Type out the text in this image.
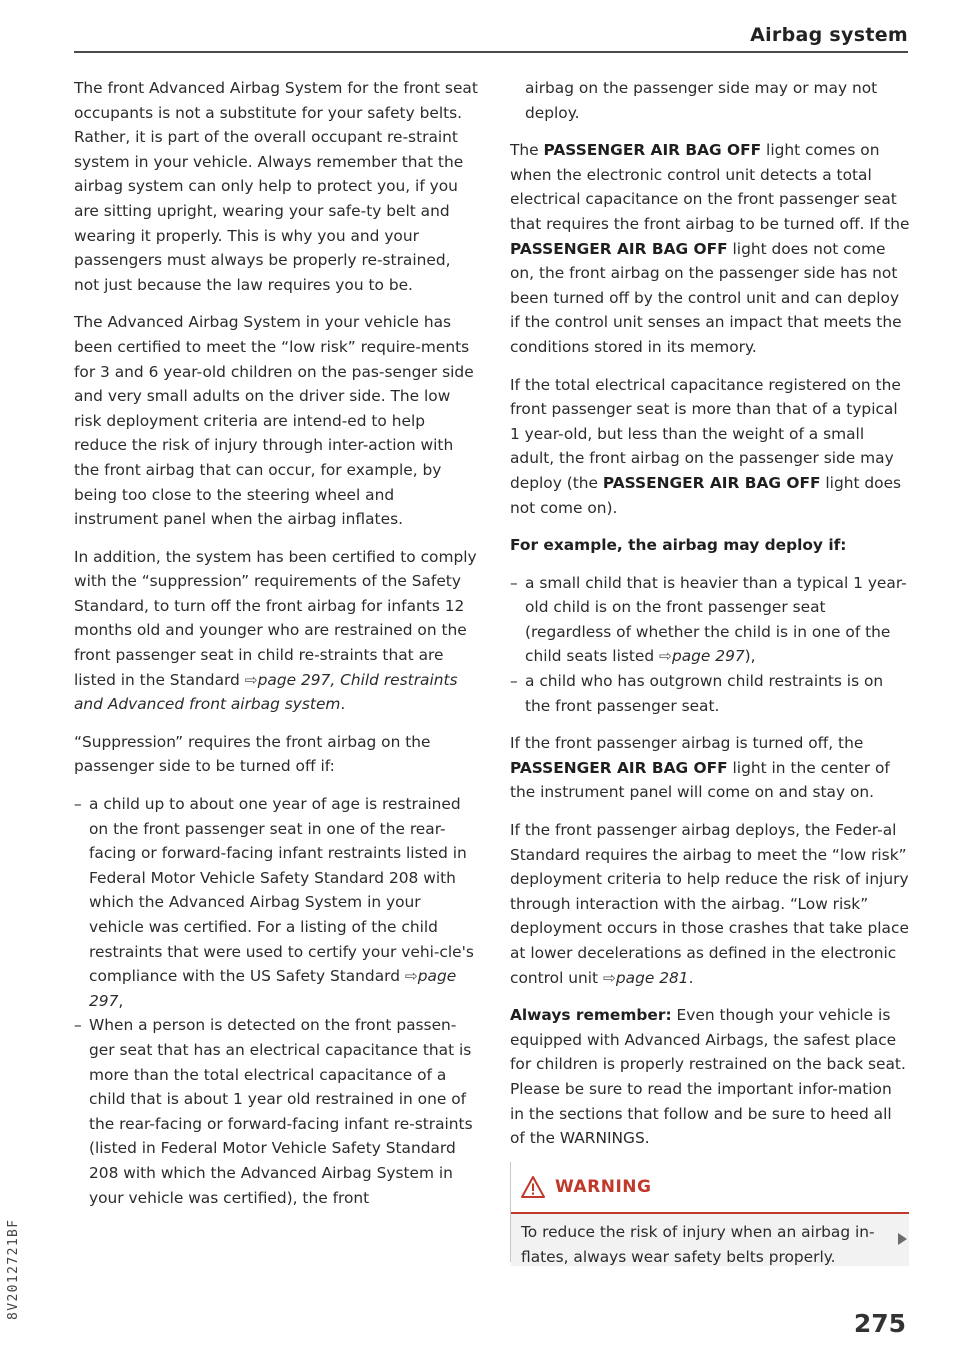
Airbag system
8V2012721BF

The front Advanced Airbag System for the front seat occupants is not a substitute for your safety belts. Rather, it is part of the overall occupant re-straint system in your vehicle. Always remember that the airbag system can only help to protect you, if you are sitting upright, wearing your safe-ty belt and wearing it properly. This is why you and your passengers must always be properly re-strained, not just because the law requires you to be.

The Advanced Airbag System in your vehicle has been certified to meet the “low risk” require-ments for 3 and 6 year-old children on the pas-senger side and very small adults on the driver side. The low risk deployment criteria are intend-ed to help reduce the risk of injury through inter-action with the front airbag that can occur, for example, by being too close to the steering wheel and instrument panel when the airbag inflates.

In addition, the system has been certified to comply with the “suppression” requirements of the Safety Standard, to turn off the front airbag for infants 12 months old and younger who are restrained on the front passenger seat in child re-straints that are listed in the Standard ⇨page 297, Child restraints and Advanced front airbag system.

“Suppression” requires the front airbag on the passenger side to be turned off if:

– a child up to about one year of age is restrained on the front passenger seat in one of the rear-facing or forward-facing infant restraints listed in Federal Motor Vehicle Safety Standard 208 with which the Advanced Airbag System in your vehicle was certified. For a listing of the child restraints that were used to certify your vehi-cle's compliance with the US Safety Standard ⇨page 297,
– When a person is detected on the front passen-ger seat that has an electrical capacitance that is more than the total electrical capacitance of a child that is about 1 year old restrained in one of the rear-facing or forward-facing infant re-straints (listed in Federal Motor Vehicle Safety Standard 208 with which the Advanced Airbag System in your vehicle was certified), the front

airbag on the passenger side may or may not deploy.

The PASSENGER AIR BAG OFF light comes on when the electronic control unit detects a total electrical capacitance on the front passenger seat that requires the front airbag to be turned off. If the PASSENGER AIR BAG OFF light does not come on, the front airbag on the passenger side has not been turned off by the control unit and can deploy if the control unit senses an impact that meets the conditions stored in its memory.

If the total electrical capacitance registered on the front passenger seat is more than that of a typical 1 year-old, but less than the weight of a small adult, the front airbag on the passenger side may deploy (the PASSENGER AIR BAG OFF light does not come on).

For example, the airbag may deploy if:

– a small child that is heavier than a typical 1 year-old child is on the front passenger seat (regardless of whether the child is in one of the child seats listed ⇨page 297),
– a child who has outgrown child restraints is on the front passenger seat.

If the front passenger airbag is turned off, the PASSENGER AIR BAG OFF light in the center of the instrument panel will come on and stay on.

If the front passenger airbag deploys, the Feder-al Standard requires the airbag to meet the “low risk” deployment criteria to help reduce the risk of injury through interaction with the airbag. “Low risk” deployment occurs in those crashes that take place at lower decelerations as defined in the electronic control unit ⇨page 281.

Always remember: Even though your vehicle is equipped with Advanced Airbags, the safest place for children is properly restrained on the back seat. Please be sure to read the important infor-mation in the sections that follow and be sure to heed all of the WARNINGS.

WARNING
To reduce the risk of injury when an airbag in-flates, always wear safety belts properly.
275
